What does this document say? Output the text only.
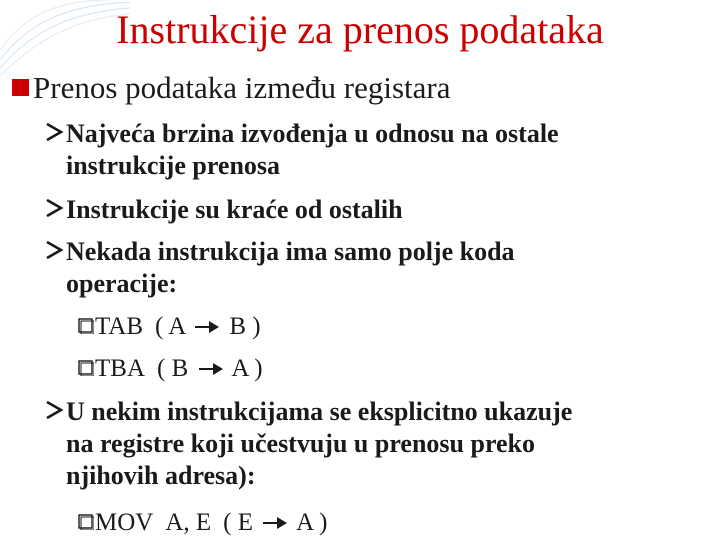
Instrukcije za prenos podataka
Prenos podataka između registara
Najveća brzina izvođenja u odnosu na ostale
instrukcije prenosa
Instrukcije su kraće od ostalih
Nekada instrukcija ima samo polje koda
operacije:
TAB ( A B )
TBA ( B A )
U nekim instrukcijama se eksplicitno ukazuje
na registre koji učestvuju u prenosu preko
njihovih adresa):
MOV A, E ( E A )
